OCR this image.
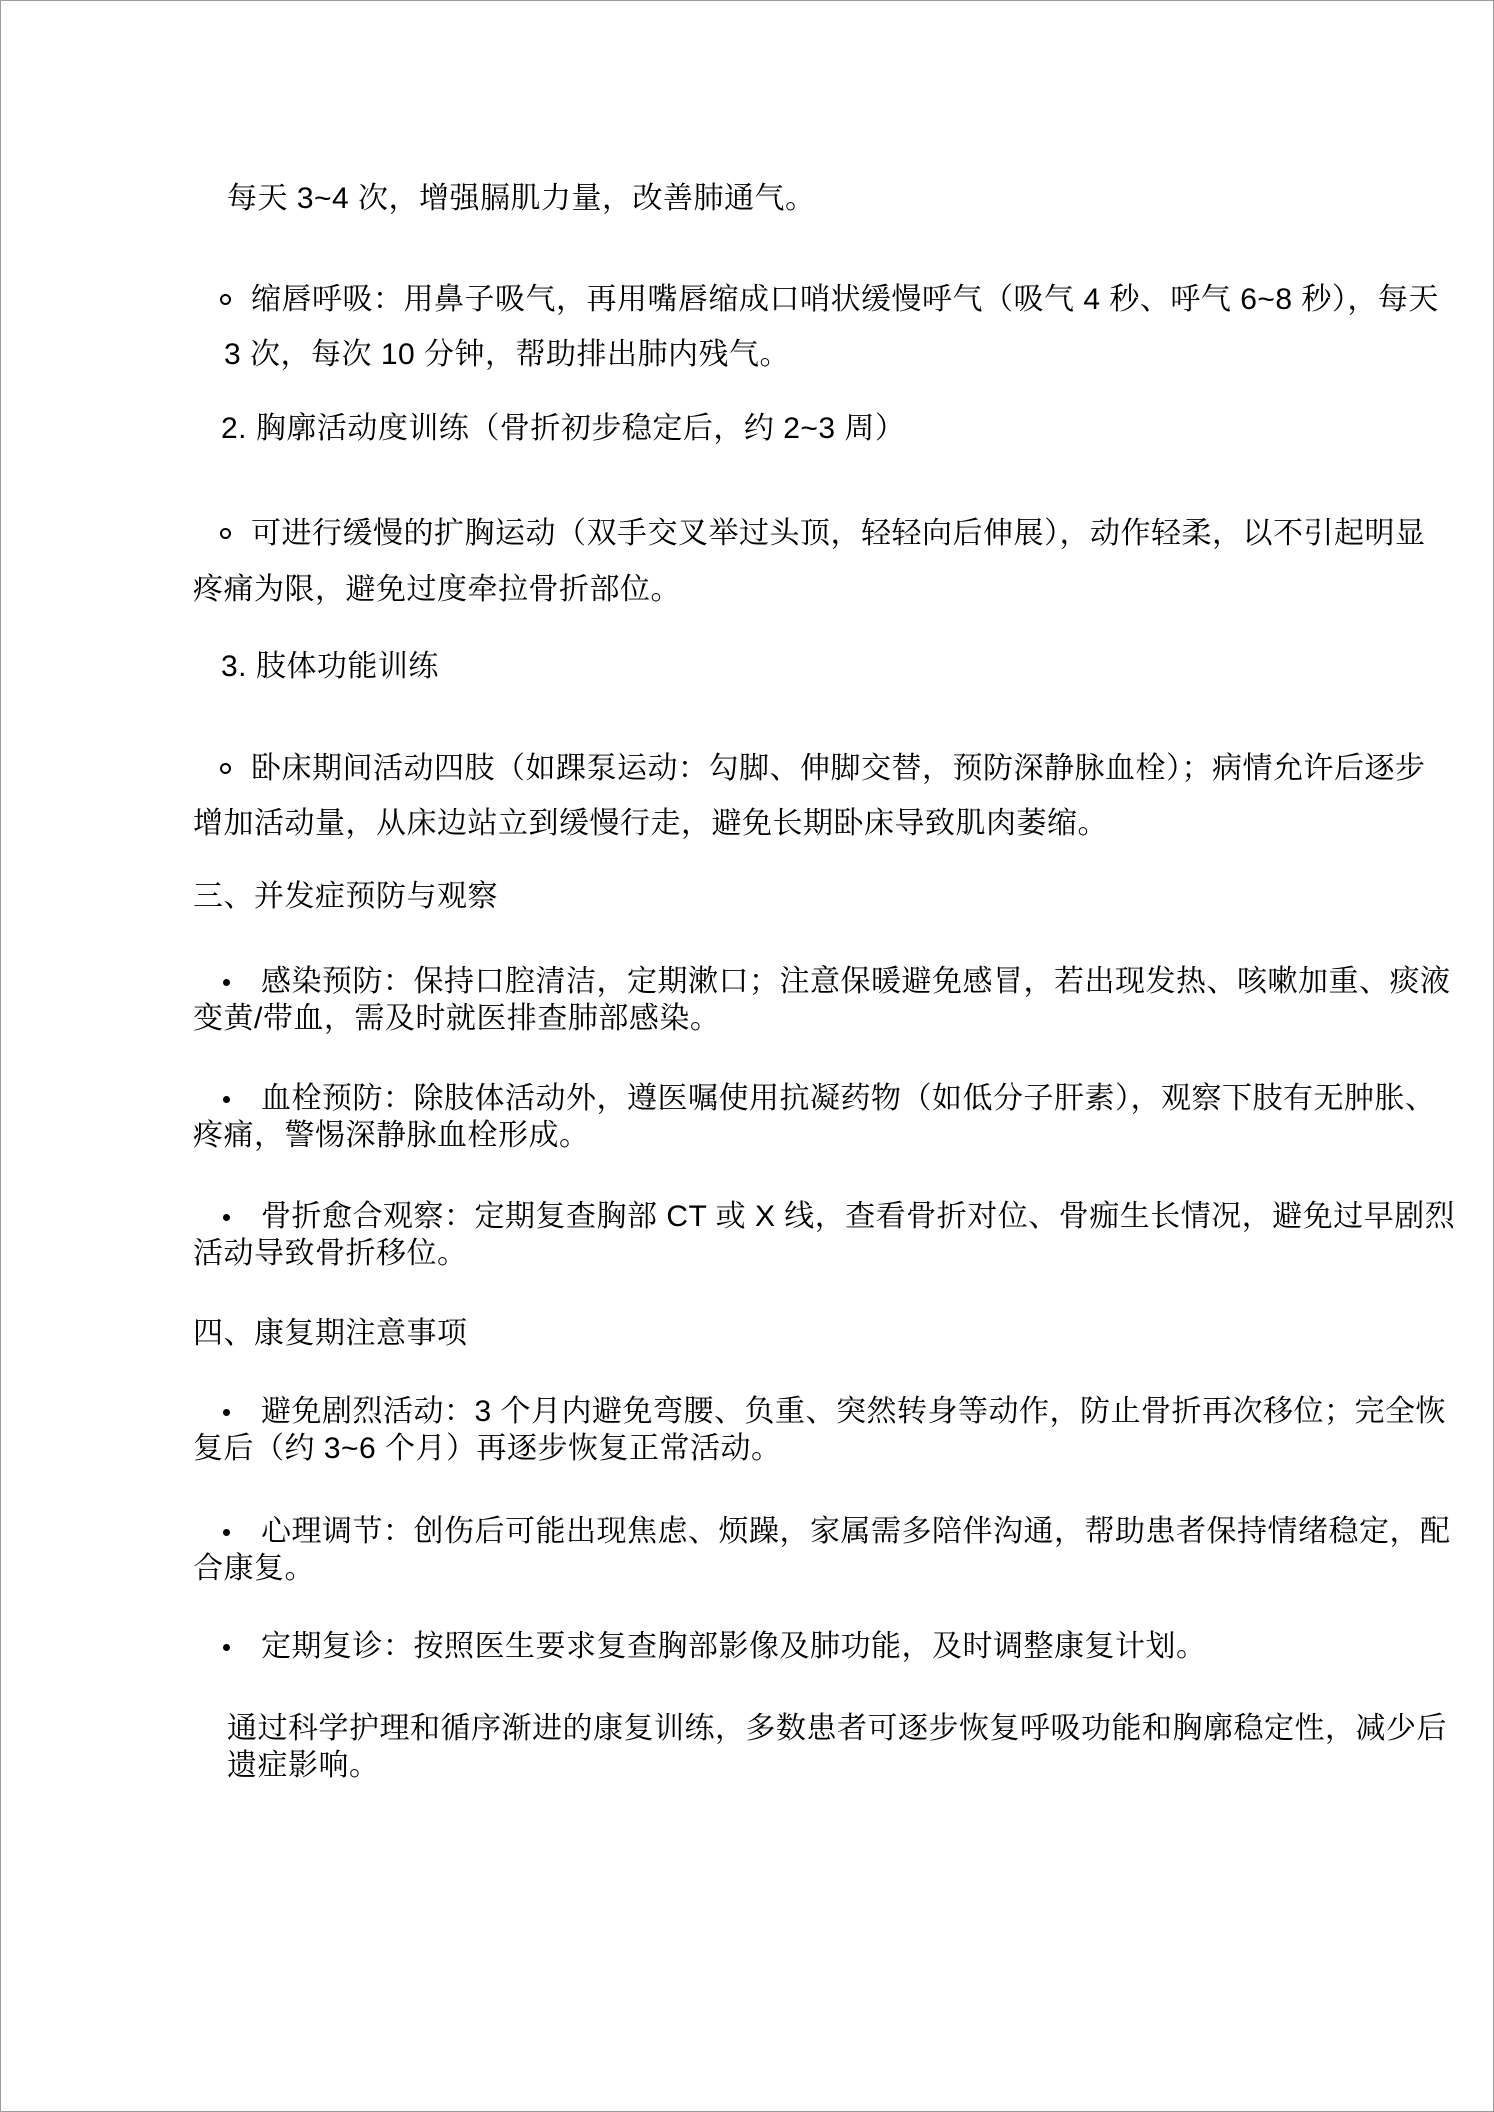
每天 3~4 次，增强膈肌力量，改善肺通气。
缩唇呼吸：用鼻子吸气，再用嘴唇缩成口哨状缓慢呼气（吸气 4 秒、呼气 6~8 秒），每天
3 次，每次 10 分钟，帮助排出肺内残气。
2. 胸廓活动度训练（骨折初步稳定后，约 2~3 周）
可进行缓慢的扩胸运动（双手交叉举过头顶，轻轻向后伸展），动作轻柔，以不引起明显
疼痛为限，避免过度牵拉骨折部位。
3. 肢体功能训练
卧床期间活动四肢（如踝泵运动：勾脚、伸脚交替，预防深静脉血栓）；病情允许后逐步
增加活动量，从床边站立到缓慢行走，避免长期卧床导致肌肉萎缩。
三、并发症预防与观察
感染预防：保持口腔清洁，定期漱口；注意保暖避免感冒，若出现发热、咳嗽加重、痰液
变黄/带血，需及时就医排查肺部感染。
血栓预防：除肢体活动外，遵医嘱使用抗凝药物（如低分子肝素），观察下肢有无肿胀、
疼痛，警惕深静脉血栓形成。
骨折愈合观察：定期复查胸部 CT 或 X 线，查看骨折对位、骨痂生长情况，避免过早剧烈
活动导致骨折移位。
四、康复期注意事项
避免剧烈活动：3 个月内避免弯腰、负重、突然转身等动作，防止骨折再次移位；完全恢
复后（约 3~6 个月）再逐步恢复正常活动。
心理调节：创伤后可能出现焦虑、烦躁，家属需多陪伴沟通，帮助患者保持情绪稳定，配
合康复。
定期复诊：按照医生要求复查胸部影像及肺功能，及时调整康复计划。
通过科学护理和循序渐进的康复训练，多数患者可逐步恢复呼吸功能和胸廓稳定性，减少后
遗症影响。
